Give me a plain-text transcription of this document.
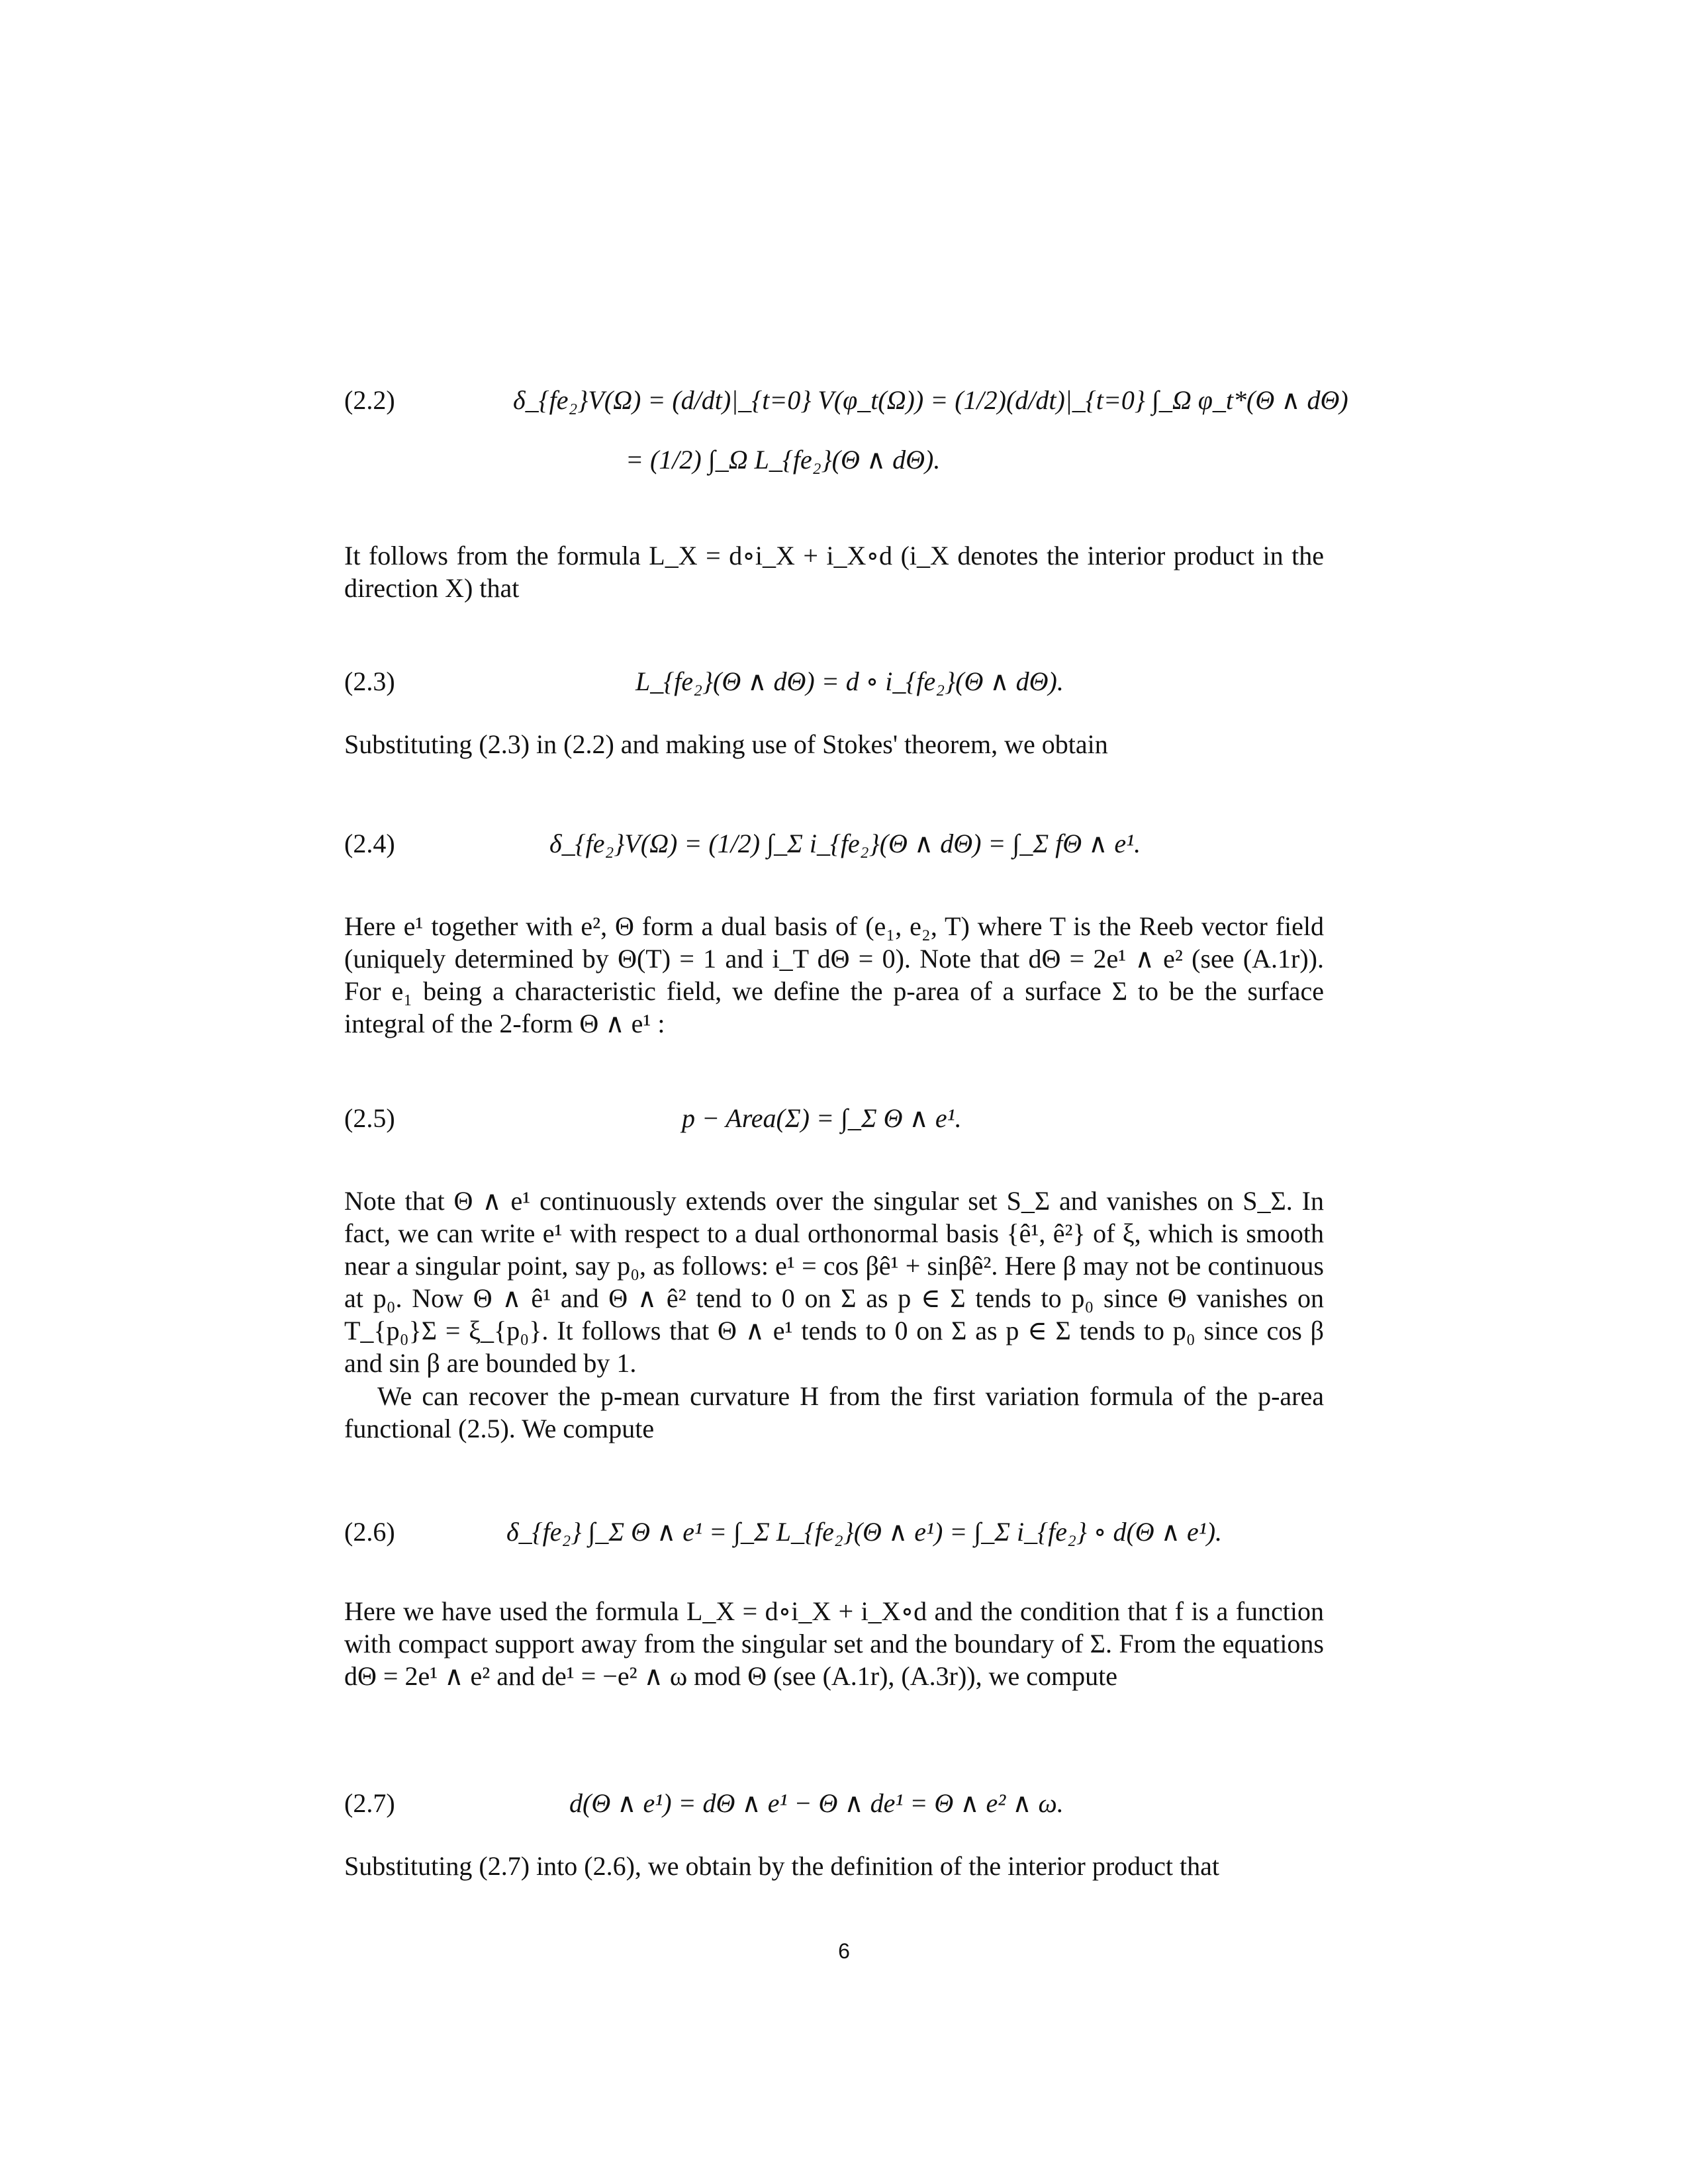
(2.2)	δ_{fe₂}V(Ω) = (d/dt)|_{t=0} V(φ_t(Ω)) = (1/2)(d/dt)|_{t=0} ∫_Ω φ_t*(Θ ∧ dΘ)
= (1/2) ∫_Ω L_{fe₂}(Θ ∧ dΘ).
It follows from the formula L_X = d∘i_X + i_X∘d (i_X denotes the interior product in the direction X) that
(2.3)	L_{fe₂}(Θ ∧ dΘ) = d ∘ i_{fe₂}(Θ ∧ dΘ).
Substituting (2.3) in (2.2) and making use of Stokes' theorem, we obtain
(2.4)	δ_{fe₂}V(Ω) = (1/2) ∫_Σ i_{fe₂}(Θ ∧ dΘ) = ∫_Σ fΘ ∧ e¹.
Here e¹ together with e², Θ form a dual basis of (e₁, e₂, T) where T is the Reeb vector field (uniquely determined by Θ(T) = 1 and i_T dΘ = 0). Note that dΘ = 2e¹ ∧ e² (see (A.1r)). For e₁ being a characteristic field, we define the p-area of a surface Σ to be the surface integral of the 2-form Θ ∧ e¹ :
(2.5)	p − Area(Σ) = ∫_Σ Θ ∧ e¹.
Note that Θ ∧ e¹ continuously extends over the singular set S_Σ and vanishes on S_Σ. In fact, we can write e¹ with respect to a dual orthonormal basis {ê¹, ê²} of ξ, which is smooth near a singular point, say p₀, as follows: e¹ = cos βê¹ + sinβê². Here β may not be continuous at p₀. Now Θ ∧ ê¹ and Θ ∧ ê² tend to 0 on Σ as p ∈ Σ tends to p₀ since Θ vanishes on T_{p₀}Σ = ξ_{p₀}. It follows that Θ ∧ e¹ tends to 0 on Σ as p ∈ Σ tends to p₀ since cos β and sin β are bounded by 1.
We can recover the p-mean curvature H from the first variation formula of the p-area functional (2.5). We compute
(2.6)	δ_{fe₂} ∫_Σ Θ ∧ e¹ = ∫_Σ L_{fe₂}(Θ ∧ e¹) = ∫_Σ i_{fe₂} ∘ d(Θ ∧ e¹).
Here we have used the formula L_X = d∘i_X + i_X∘d and the condition that f is a function with compact support away from the singular set and the boundary of Σ. From the equations dΘ = 2e¹ ∧ e² and de¹ = −e² ∧ ω mod Θ (see (A.1r), (A.3r)), we compute
(2.7)	d(Θ ∧ e¹) = dΘ ∧ e¹ − Θ ∧ de¹ = Θ ∧ e² ∧ ω.
Substituting (2.7) into (2.6), we obtain by the definition of the interior product that
6
